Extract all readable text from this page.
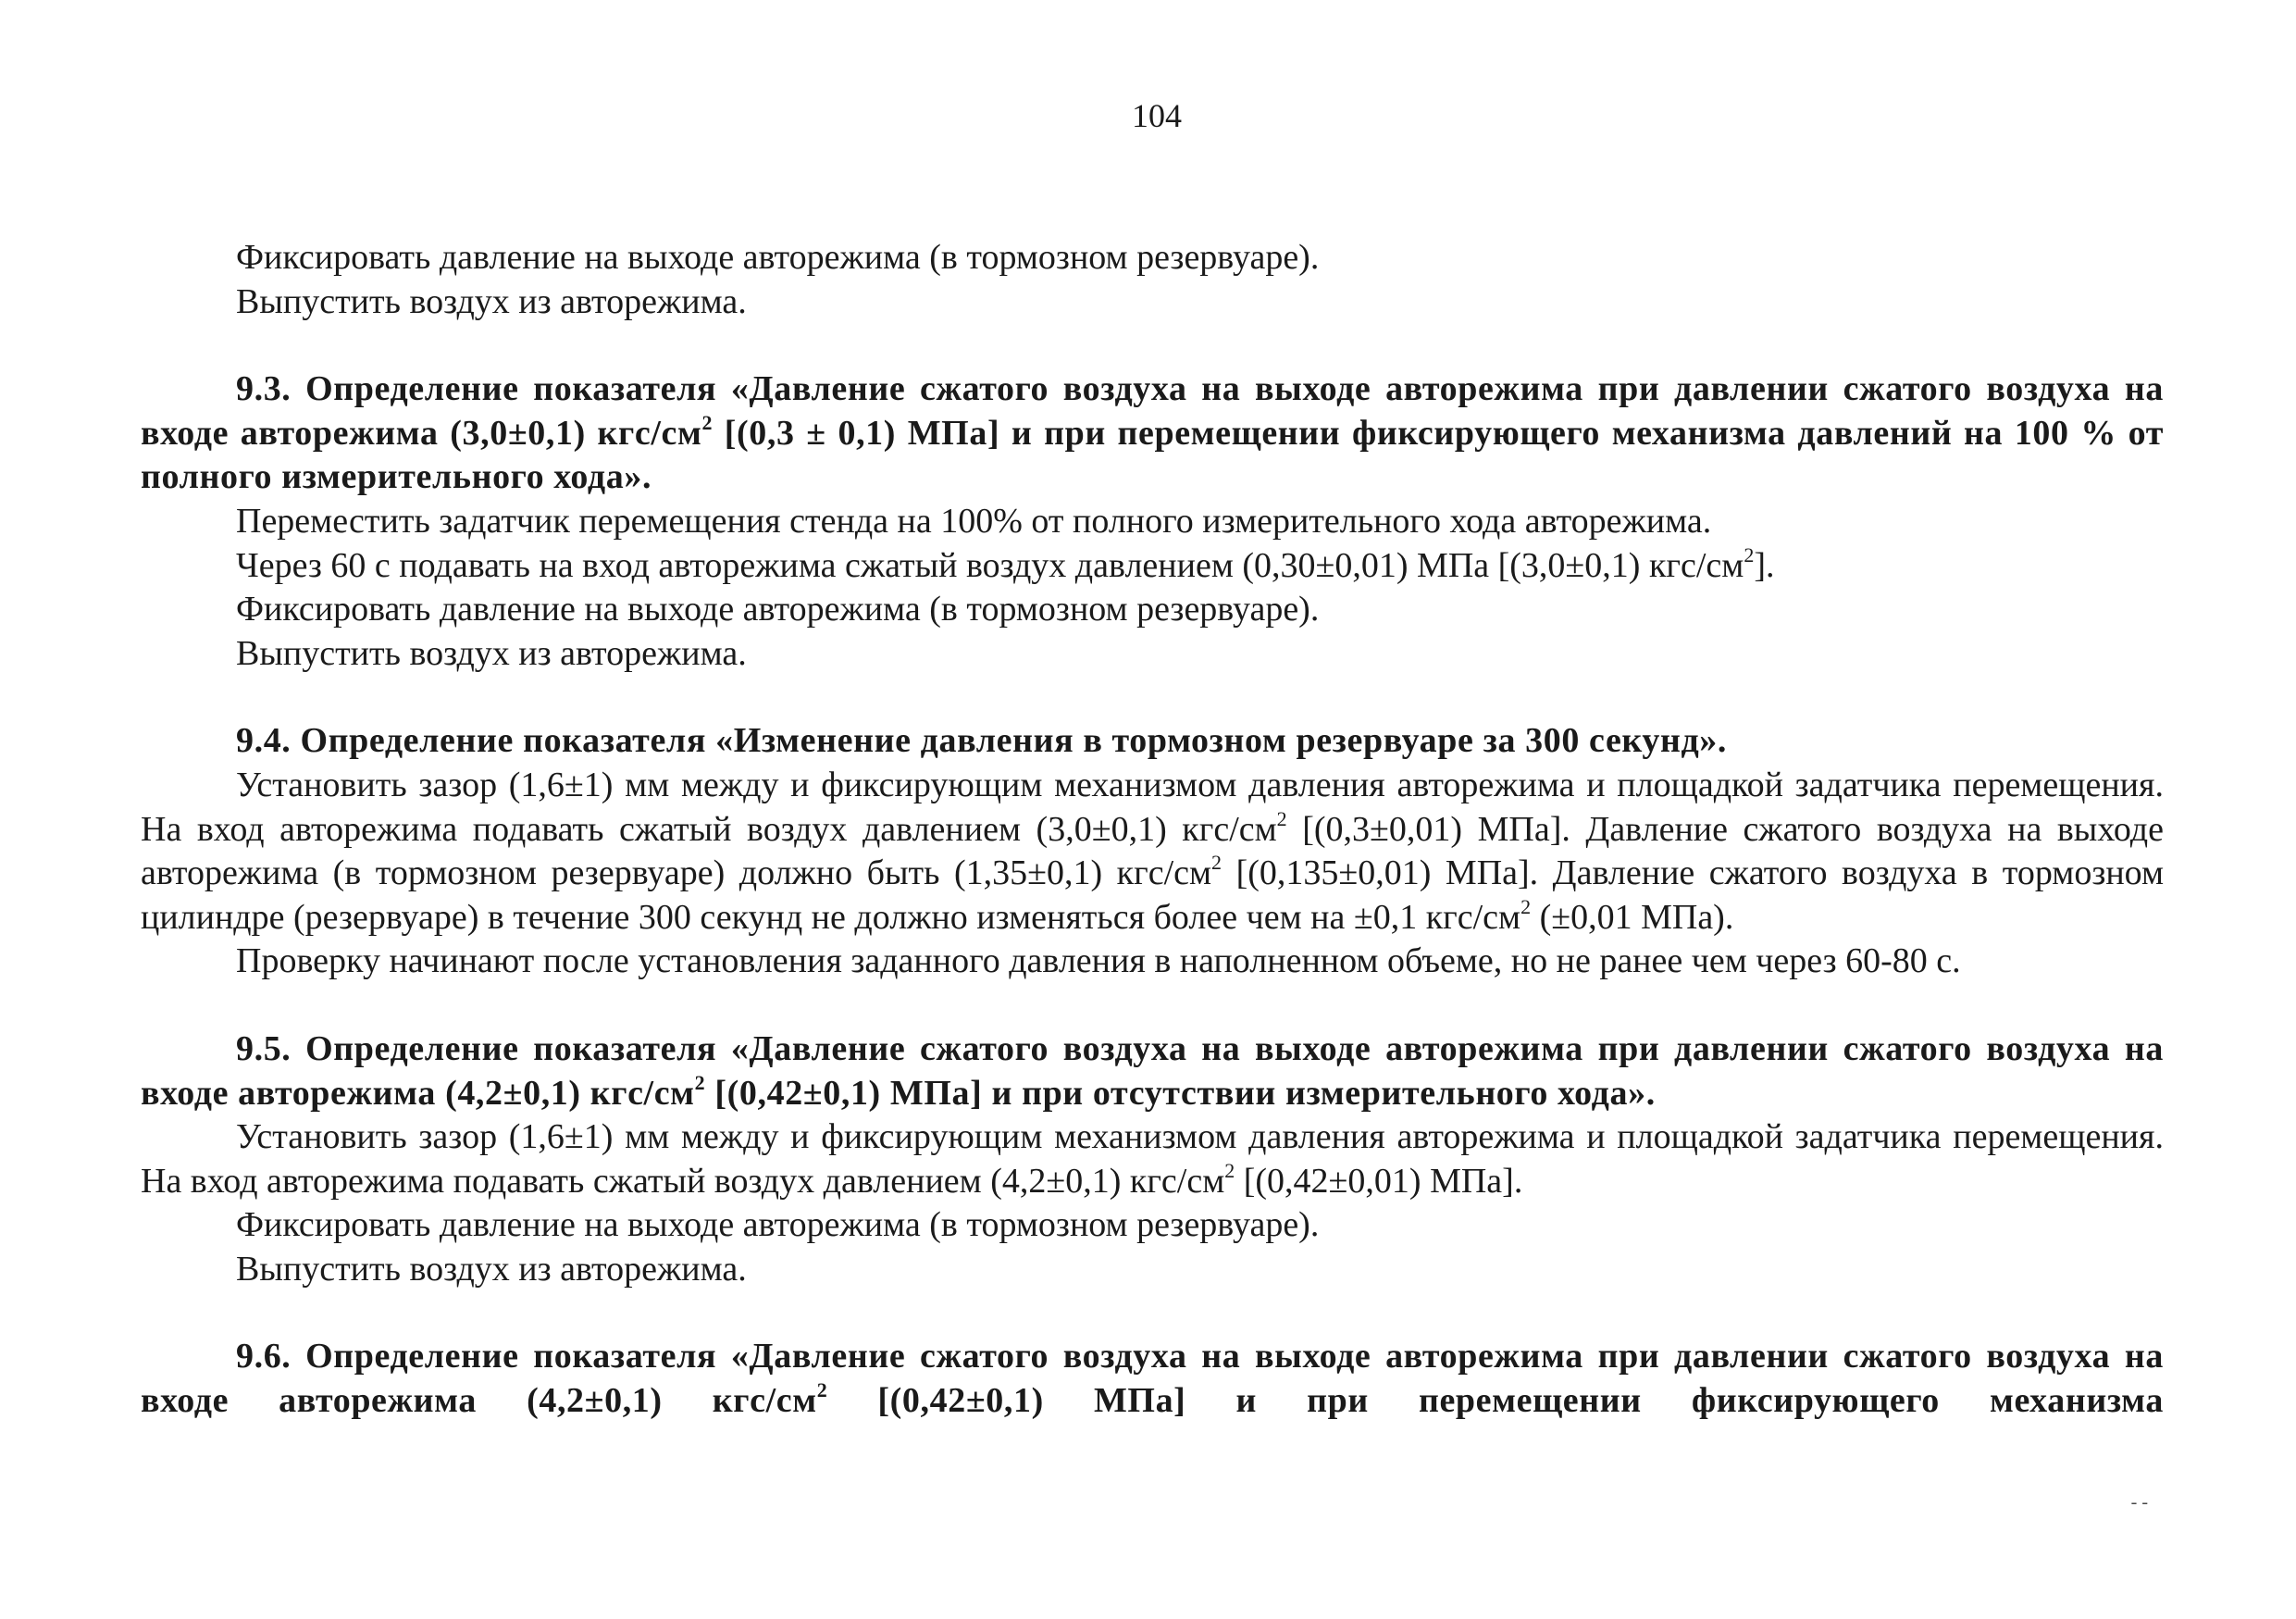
104

Фиксировать давление на выходе авторежима (в тормозном резервуаре).

Выпустить воздух из авторежима.

9.3. Определение показателя «Давление сжатого воздуха на выходе авторежима при давлении сжатого воздуха на входе авторежима (3,0±0,1) кгс/$см^2$ [(0,3 ± 0,1) МПа] и при перемещении фиксирующего механизма давлений на 100 % от полного измерительного хода».

Переместить задатчик перемещения стенда на 100% от полного измерительного хода авторежима.

Через 60 с подавать на вход авторежима сжатый воздух давлением (0,30±0,01) МПа [(3,0±0,1) кгс/$см^2$].

Фиксировать давление на выходе авторежима (в тормозном резервуаре).

Выпустить воздух из авторежима.

9.4. Определение показателя «Изменение давления в тормозном резервуаре за 300 секунд».

Установить зазор (1,6±1) мм между и фиксирующим механизмом давления авторежима и площадкой задатчика перемещения. На вход авторежима подавать сжатый воздух давлением (3,0±0,1) кгс/$см^2$ [(0,3±0,01) МПа]. Давление сжатого воздуха на выходе авторежима (в тормозном резервуаре) должно быть (1,35±0,1) кгс/$см^2$ [(0,135±0,01) МПа]. Давление сжатого воздуха в тормозном цилиндре (резервуаре) в течение 300 секунд не должно изменяться более чем на ±0,1 кгс/$см^2$ (±0,01 МПа).

Проверку начинают после установления заданного давления в наполненном объеме, но не ранее чем через 60-80 с.

9.5. Определение показателя «Давление сжатого воздуха на выходе авторежима при давлении сжатого воздуха на входе авторежима (4,2±0,1) кгс/$см^2$ [(0,42±0,1) МПа] и при отсутствии измерительного хода».

Установить зазор (1,6±1) мм между и фиксирующим механизмом давления авторежима и площадкой задатчика перемещения. На вход авторежима подавать сжатый воздух давлением (4,2±0,1) кгс/$см^2$ [(0,42±0,01) МПа].

Фиксировать давление на выходе авторежима (в тормозном резервуаре).

Выпустить воздух из авторежима.

9.6. Определение показателя «Давление сжатого воздуха на выходе авторежима при давлении сжатого воздуха на входе авторежима (4,2±0,1) кгс/$см^2$ [(0,42±0,1) МПа] и при перемещении фиксирующего механизма

‐ ‐
